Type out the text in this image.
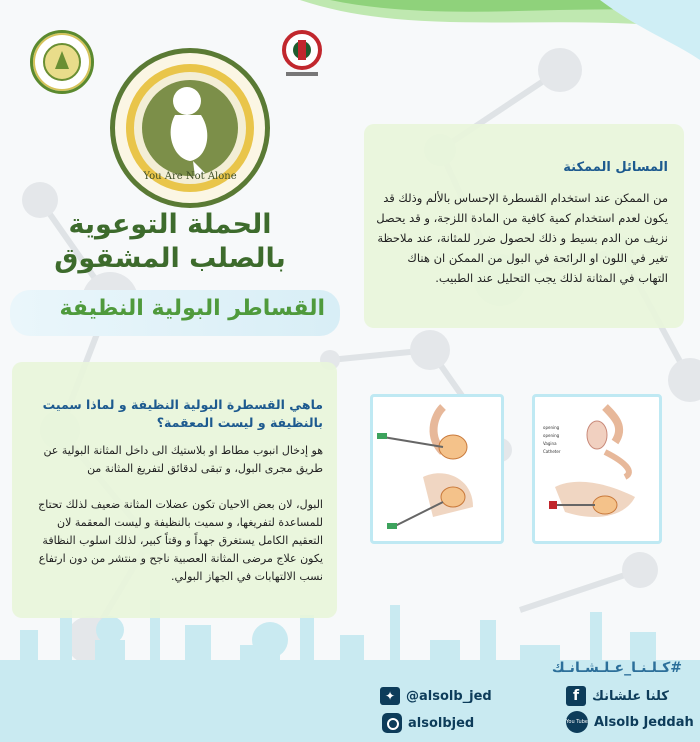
You Are Not Alone
الحملة التوعوية
بالصلب المشقوق
القساطر البولية النظيفة
المسائل الممكنة
من الممكن عند استخدام القسطرة الإحساس بالألم وذلك قد يكون لعدم استخدام كمية كافية من المادة اللزجة، و قد يحصل نزيف من الدم بسيط و ذلك لحصول ضرر للمثانة، عند ملاحظة تغير في اللون او الرائحة في البول من الممكن ان هناك التهاب في المثانة لذلك يجب التحليل عند الطبيب.
ماهي القسطرة البولية النظيفة و لماذا سميت بالنظيفة و ليست المعقمة؟
هو إدخال انبوب مطاط او بلاستيك الى داخل المثانة البولية عن طريق مجرى البول، و تبقى لدقائق لتفريغ المثانة من
البول، لان بعض الاحيان تكون عضلات المثانة ضعيف لذلك تحتاج للمساعدة لتفريغها، و سميت بالنظيفة و ليست المعقمة لان التعقيم الكامل يستغرق جهداً و وقتاً كبير، لذلك اسلوب النظافة يكون علاج مرضى المثانة العصبية ناجح و منتشر من دون ارتفاع نسب الالتهابات في الجهاز البولي.
opening
opening
Vagina
Catheter
#كـلـنـا_عـلـشـانـك
✦ @alsolb_jed	f كلنا علشانك
alsolbjed	You Tube Alsolb Jeddah
